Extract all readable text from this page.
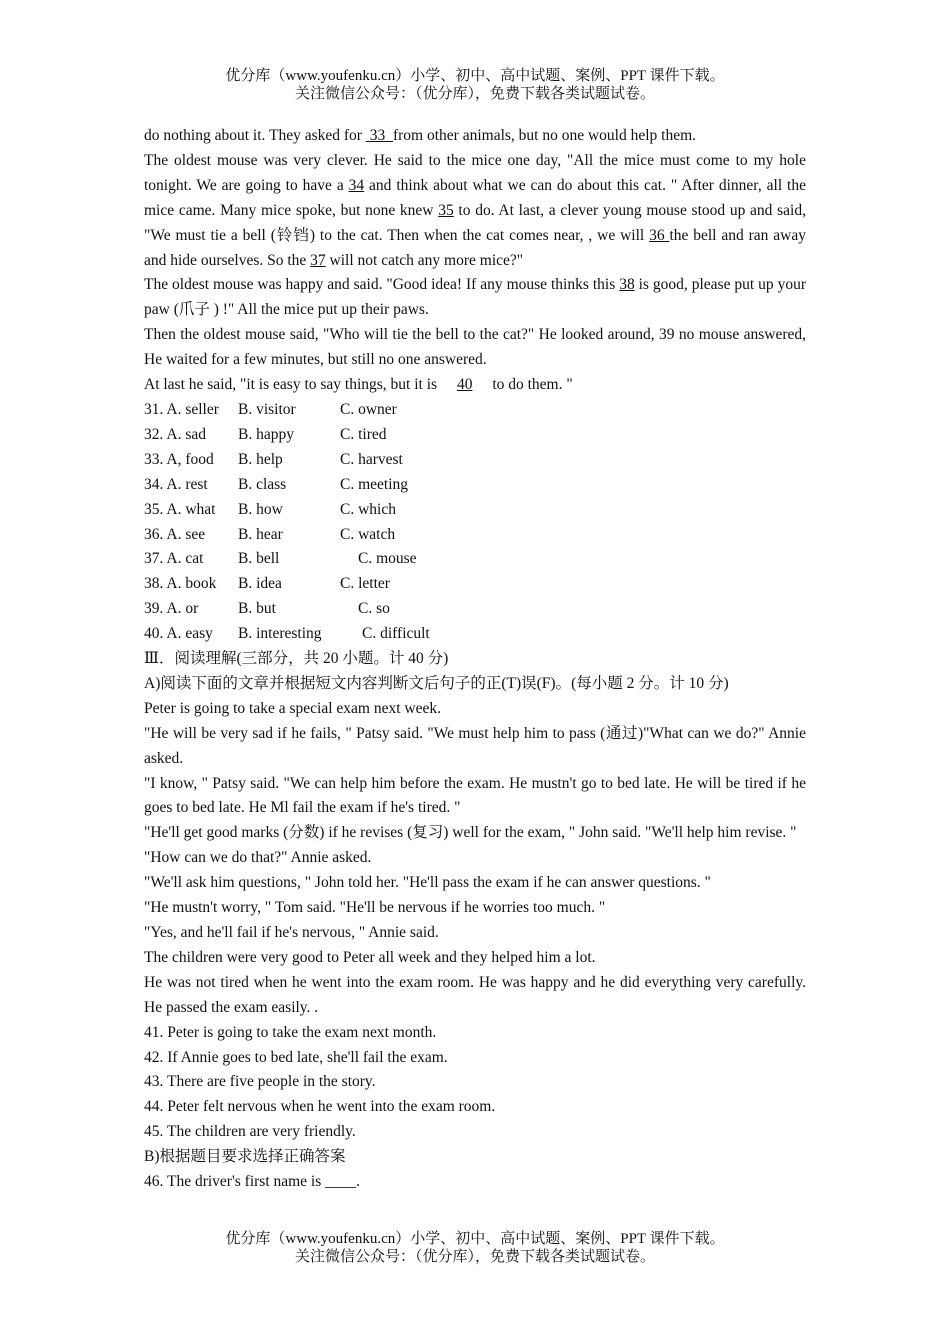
优分库（www.youfenku.cn）小学、初中、高中试题、案例、PPT 课件下载。
关注微信公众号：（优分库），免费下载各类试题试卷。
do nothing about it. They asked for  33 from other animals, but no one would help them.
The oldest mouse was very clever. He said to the mice one day, "All the mice must come to my hole tonight. We are going to have a 34 and think about what we can do about this cat. " After dinner, all the mice came. Many mice spoke, but none knew 35 to do. At last, a clever young mouse stood up and said, "We must tie a bell (铃铛) to the cat. Then when the cat comes near, , we will 36 the bell and ran away and hide ourselves. So the 37 will not catch any more mice?"
The oldest mouse was happy and said. "Good idea! If any mouse thinks this 38 is good, please put up your paw (爪子 ) !" All the mice put up their paws.
Then the oldest mouse said, "Who will tie the bell to the cat?" He looked around, 39 no mouse answered, He waited for a few minutes, but still no one answered.
At last he said, "it is easy to say things, but it is 40 to do them. "
31. A. seller	B. visitor	C. owner
32. A. sad	B. happy	C. tired
33. A, food	B. help	C. harvest
34. A. rest	B. class	C. meeting
35. A. what	B. how	C. which
36. A. see	B. hear	C. watch
37. A. cat	B. bell	C. mouse
38. A. book	B. idea	C. letter
39. A. or	B. but	C. so
40. A. easy	B. interesting	C. difficult
Ⅲ．阅读理解(三部分，共 20 小题。计 40 分)
A)阅读下面的文章并根据短文内容判断文后句子的正(T)误(F)。(每小题 2 分。计 10 分)
Peter is going to take a special exam next week.
"He will be very sad if he fails, " Patsy said. "We must help him to pass (通过)"What can we do?" Annie asked.
"I know, " Patsy said. "We can help him before the exam. He mustn't go to bed late. He will be tired if he goes to bed late. He Ml fail the exam if he's tired. "
"He'll get good marks (分数) if he revises (复习) well for the exam, " John said. "We'll help him revise. "
"How can we do that?" Annie asked.
"We'll ask him questions, " John told her. "He'll pass the exam if he can answer questions. "
"He mustn't worry, " Tom said. "He'll be nervous if he worries too much. "
"Yes, and he'll fail if he's nervous, " Annie said.
The children were very good to Peter all week and they helped him a lot.
He was not tired when he went into the exam room. He was happy and he did everything very carefully. He passed the exam easily. .
41. Peter is going to take the exam next month.
42. If Annie goes to bed late, she'll fail the exam.
43. There are five people in the story.
44. Peter felt nervous when he went into the exam room.
45. The children are very friendly.
B)根据题目要求选择正确答案
46. The driver's first name is ____.
优分库（www.youfenku.cn）小学、初中、高中试题、案例、PPT 课件下载。
关注微信公众号：（优分库），免费下载各类试题试卷。
